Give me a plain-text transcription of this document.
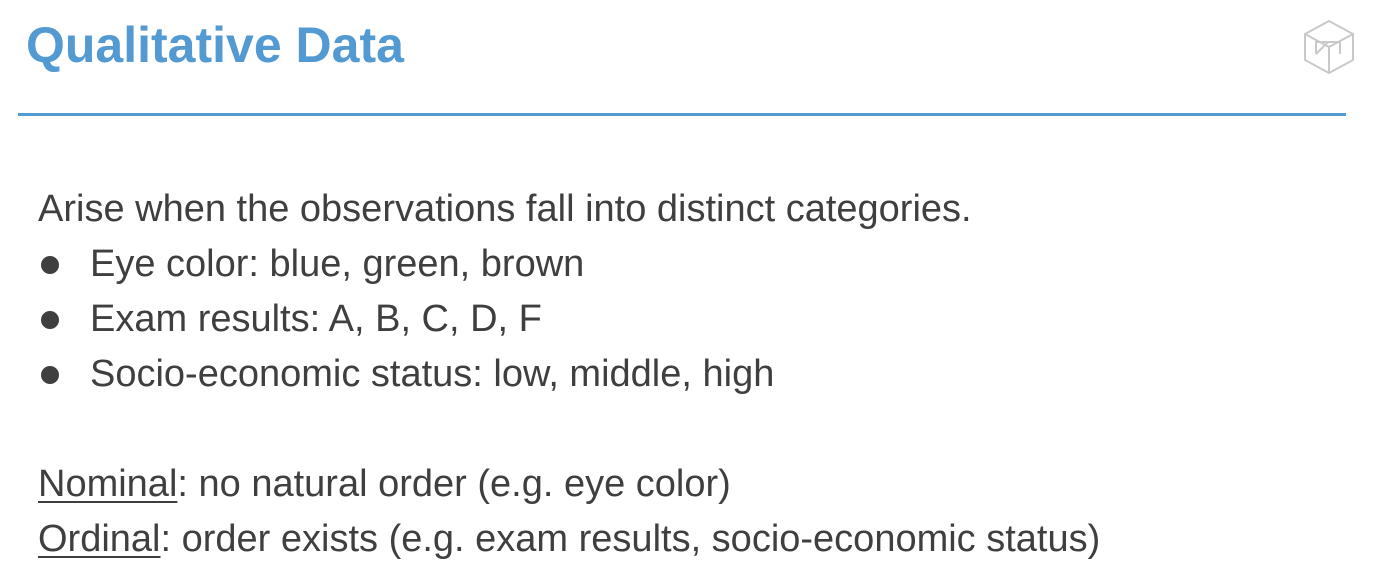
Qualitative Data
Arise when the observations fall into distinct categories.
Eye color: blue, green, brown
Exam results: A, B, C, D, F
Socio-economic status: low, middle, high
Nominal: no natural order (e.g. eye color)
Ordinal: order exists (e.g. exam results, socio-economic status)
